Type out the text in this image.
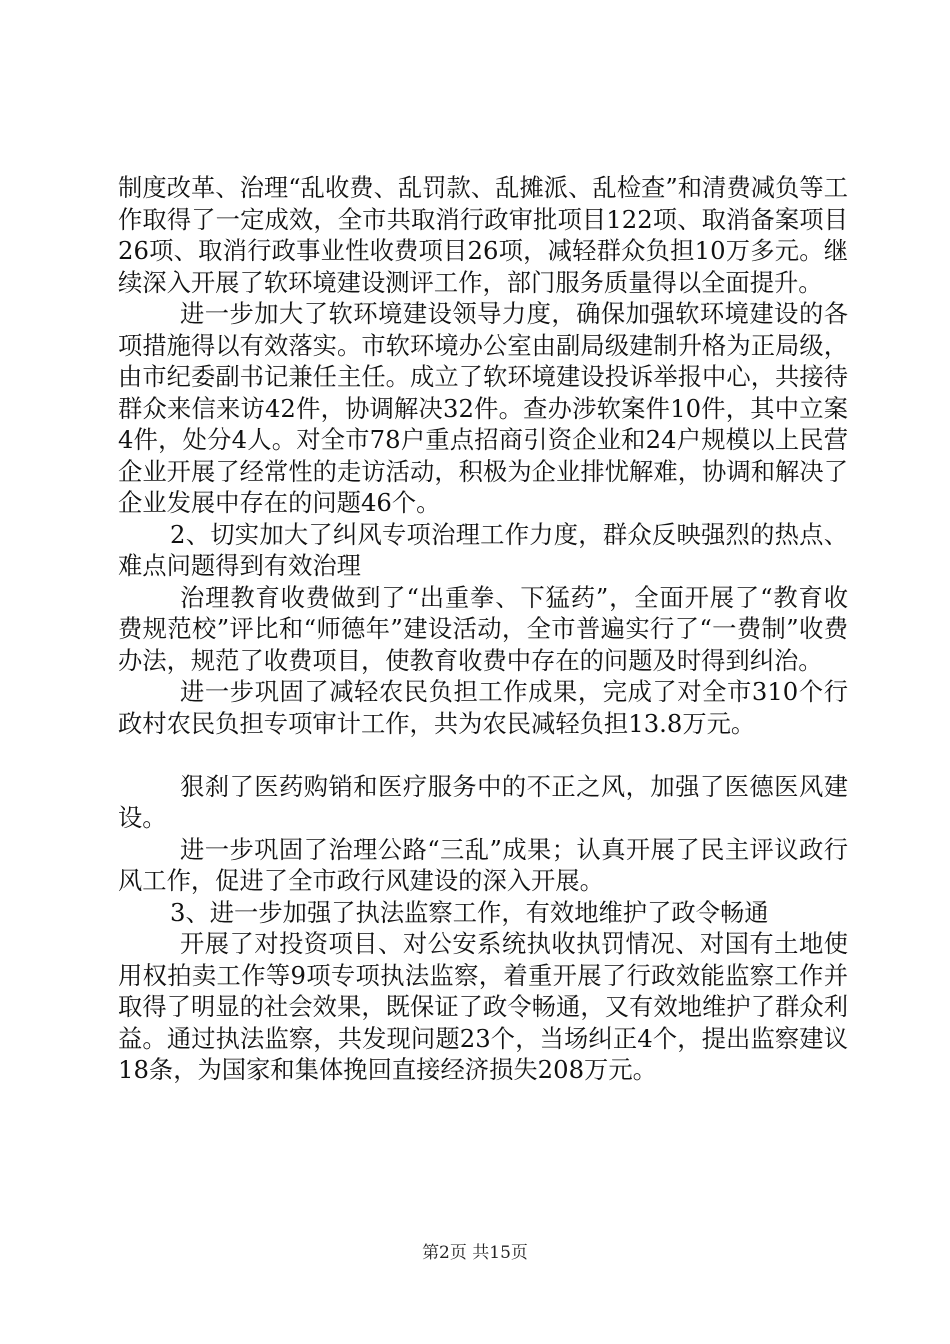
制度改革、治理“乱收费、乱罚款、乱摊派、乱检查”和清费减负等工作取得了一定成效，全市共取消行政审批项目122项、取消备案项目26项、取消行政事业性收费项目26项，减轻群众负担10万多元。继续深入开展了软环境建设测评工作，部门服务质量得以全面提升。

进一步加大了软环境建设领导力度，确保加强软环境建设的各项措施得以有效落实。市软环境办公室由副局级建制升格为正局级，由市纪委副书记兼任主任。成立了软环境建设投诉举报中心，共接待群众来信来访42件，协调解决32件。查办涉软案件10件，其中立案4件，处分4人。对全市78户重点招商引资企业和24户规模以上民营企业开展了经常性的走访活动，积极为企业排忧解难，协调和解决了企业发展中存在的问题46个。

2、切实加大了纠风专项治理工作力度，群众反映强烈的热点、难点问题得到有效治理

治理教育收费做到了“出重拳、下猛药”，全面开展了“教育收费规范校”评比和“师德年”建设活动，全市普遍实行了“一费制”收费办法，规范了收费项目，使教育收费中存在的问题及时得到纠治。

进一步巩固了减轻农民负担工作成果，完成了对全市310个行政村农民负担专项审计工作，共为农民减轻负担13.8万元。

狠刹了医药购销和医疗服务中的不正之风，加强了医德医风建设。

进一步巩固了治理公路“三乱”成果；认真开展了民主评议政行风工作，促进了全市政行风建设的深入开展。

3、进一步加强了执法监察工作，有效地维护了政令畅通

开展了对投资项目、对公安系统执收执罚情况、对国有土地使用权拍卖工作等9项专项执法监察，着重开展了行政效能监察工作并取得了明显的社会效果，既保证了政令畅通，又有效地维护了群众利益。通过执法监察，共发现问题23个，当场纠正4个，提出监察建议18条，为国家和集体挽回直接经济损失208万元。

第2页 共15页
